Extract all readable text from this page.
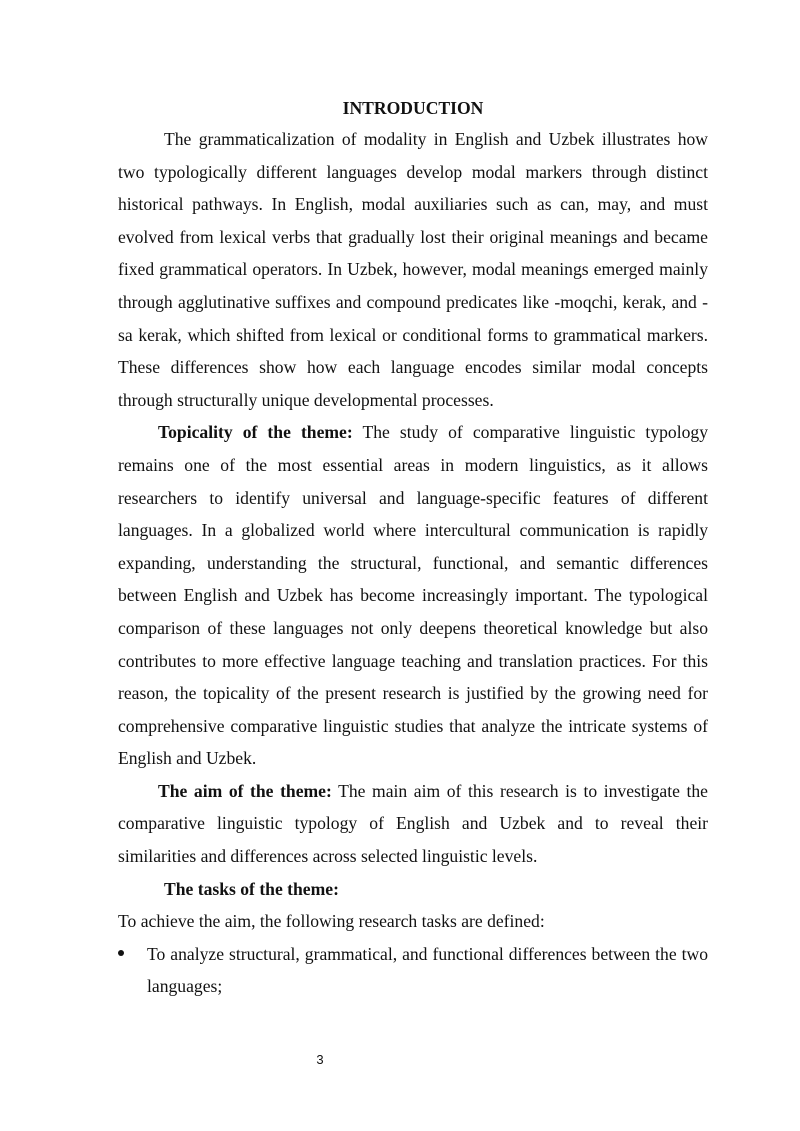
INTRODUCTION

The grammaticalization of modality in English and Uzbek illustrates how two typologically different languages develop modal markers through distinct historical pathways. In English, modal auxiliaries such as can, may, and must evolved from lexical verbs that gradually lost their original meanings and became fixed grammatical operators. In Uzbek, however, modal meanings emerged mainly through agglutinative suffixes and compound predicates like -moqchi, kerak, and -sa kerak, which shifted from lexical or conditional forms to grammatical markers. These differences show how each language encodes similar modal concepts through structurally unique developmental processes.

Topicality of the theme: The study of comparative linguistic typology remains one of the most essential areas in modern linguistics, as it allows researchers to identify universal and language-specific features of different languages. In a globalized world where intercultural communication is rapidly expanding, understanding the structural, functional, and semantic differences between English and Uzbek has become increasingly important. The typological comparison of these languages not only deepens theoretical knowledge but also contributes to more effective language teaching and translation practices. For this reason, the topicality of the present research is justified by the growing need for comprehensive comparative linguistic studies that analyze the intricate systems of English and Uzbek.

The aim of the theme: The main aim of this research is to investigate the comparative linguistic typology of English and Uzbek and to reveal their similarities and differences across selected linguistic levels.

The tasks of the theme:

To achieve the aim, the following research tasks are defined:

To analyze structural, grammatical, and functional differences between the two languages;
3
